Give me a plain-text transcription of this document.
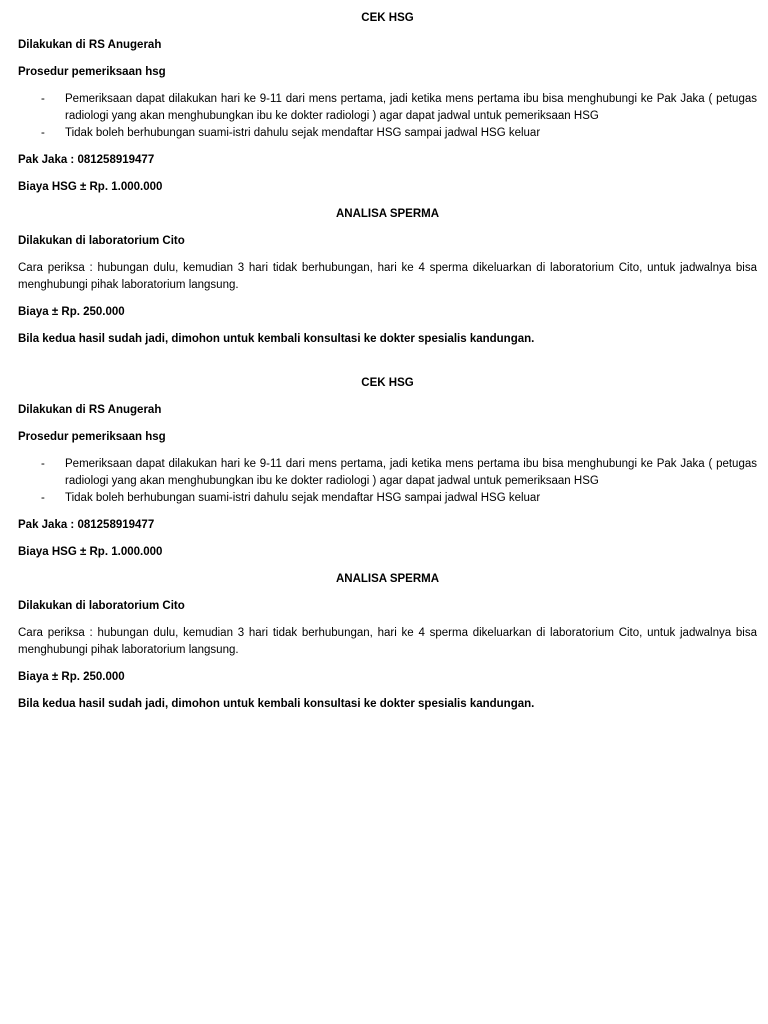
CEK HSG
Dilakukan di RS Anugerah
Prosedur pemeriksaan hsg
- Pemeriksaan dapat dilakukan hari ke 9-11 dari mens pertama, jadi ketika mens pertama ibu bisa menghubungi ke Pak Jaka ( petugas radiologi yang akan menghubungkan ibu ke dokter radiologi ) agar dapat jadwal untuk pemeriksaan HSG
- Tidak boleh berhubungan suami-istri dahulu sejak mendaftar HSG sampai jadwal HSG keluar
Pak Jaka : 081258919477
Biaya HSG ± Rp. 1.000.000
ANALISA SPERMA
Dilakukan di laboratorium Cito
Cara periksa : hubungan dulu, kemudian 3 hari tidak berhubungan, hari ke 4 sperma dikeluarkan di laboratorium Cito, untuk jadwalnya bisa menghubungi pihak laboratorium langsung.
Biaya ± Rp. 250.000
Bila kedua hasil sudah jadi, dimohon untuk kembali konsultasi ke dokter spesialis kandungan.
CEK HSG
Dilakukan di RS Anugerah
Prosedur pemeriksaan hsg
- Pemeriksaan dapat dilakukan hari ke 9-11 dari mens pertama, jadi ketika mens pertama ibu bisa menghubungi ke Pak Jaka ( petugas radiologi yang akan menghubungkan ibu ke dokter radiologi ) agar dapat jadwal untuk pemeriksaan HSG
- Tidak boleh berhubungan suami-istri dahulu sejak mendaftar HSG sampai jadwal HSG keluar
Pak Jaka : 081258919477
Biaya HSG ± Rp. 1.000.000
ANALISA SPERMA
Dilakukan di laboratorium Cito
Cara periksa : hubungan dulu, kemudian 3 hari tidak berhubungan, hari ke 4 sperma dikeluarkan di laboratorium Cito, untuk jadwalnya bisa menghubungi pihak laboratorium langsung.
Biaya ± Rp. 250.000
Bila kedua hasil sudah jadi, dimohon untuk kembali konsultasi ke dokter spesialis kandungan.
